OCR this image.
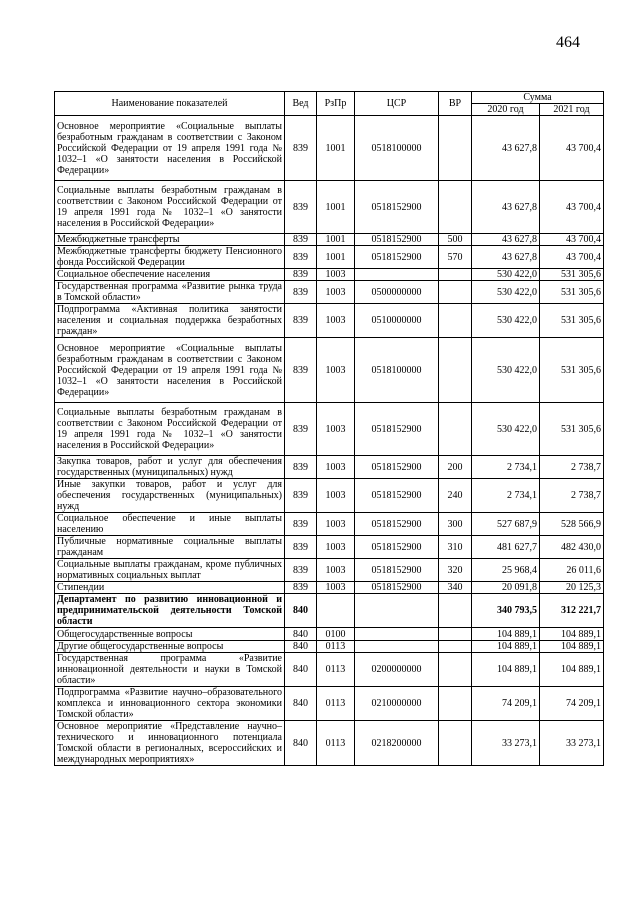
464
Наименование показателей	Вед	РзПр	ЦСР	ВР	Сумма	
					2020 год	2021 год
Основное мероприятие «Социальные выплаты безработным гражданам в соответствии с Законом Российской Федерации от 19 апреля 1991 года № 1032–1 «О занятости населения в Российской Федерации»	839	1001	0518100000		43 627,8	43 700,4
Социальные выплаты безработным гражданам в соответствии с Законом Российской Федерации от 19 апреля 1991 года № 1032–1 «О занятости населения в Российской Федерации»	839	1001	0518152900		43 627,8	43 700,4
Межбюджетные трансферты	839	1001	0518152900	500	43 627,8	43 700,4
Межбюджетные трансферты бюджету Пенсионного фонда Российской Федерации	839	1001	0518152900	570	43 627,8	43 700,4
Социальное обеспечение населения	839	1003			530 422,0	531 305,6
Государственная программа «Развитие рынка труда в Томской области»	839	1003	0500000000		530 422,0	531 305,6
Подпрограмма «Активная политика занятости населения и социальная поддержка безработных граждан»	839	1003	0510000000		530 422,0	531 305,6
Основное мероприятие «Социальные выплаты безработным гражданам в соответствии с Законом Российской Федерации от 19 апреля 1991 года № 1032–1 «О занятости населения в Российской Федерации»	839	1003	0518100000		530 422,0	531 305,6
Социальные выплаты безработным гражданам в соответствии с Законом Российской Федерации от 19 апреля 1991 года № 1032–1 «О занятости населения в Российской Федерации»	839	1003	0518152900		530 422,0	531 305,6
Закупка товаров, работ и услуг для обеспечения государственных (муниципальных) нужд	839	1003	0518152900	200	2 734,1	2 738,7
Иные закупки товаров, работ и услуг для обеспечения государственных (муниципальных) нужд	839	1003	0518152900	240	2 734,1	2 738,7
Социальное обеспечение и иные выплаты населению	839	1003	0518152900	300	527 687,9	528 566,9
Публичные нормативные социальные выплаты гражданам	839	1003	0518152900	310	481 627,7	482 430,0
Социальные выплаты гражданам, кроме публичных нормативных социальных выплат	839	1003	0518152900	320	25 968,4	26 011,6
Стипендии	839	1003	0518152900	340	20 091,8	20 125,3
Департамент по развитию инновационной и предпринимательской деятельности Томской области	840				340 793,5	312 221,7
Общегосударственные вопросы	840	0100			104 889,1	104 889,1
Другие общегосударственные вопросы	840	0113			104 889,1	104 889,1
Государственная программа «Развитие инновационной деятельности и науки в Томской области»	840	0113	0200000000		104 889,1	104 889,1
Подпрограмма «Развитие научно–образовательного комплекса и инновационного сектора экономики Томской области»	840	0113	0210000000		74 209,1	74 209,1
Основное мероприятие «Представление научно–технического и инновационного потенциала Томской области в регионалных, всероссийских и международных мероприятиях»	840	0113	0218200000		33 273,1	33 273,1
